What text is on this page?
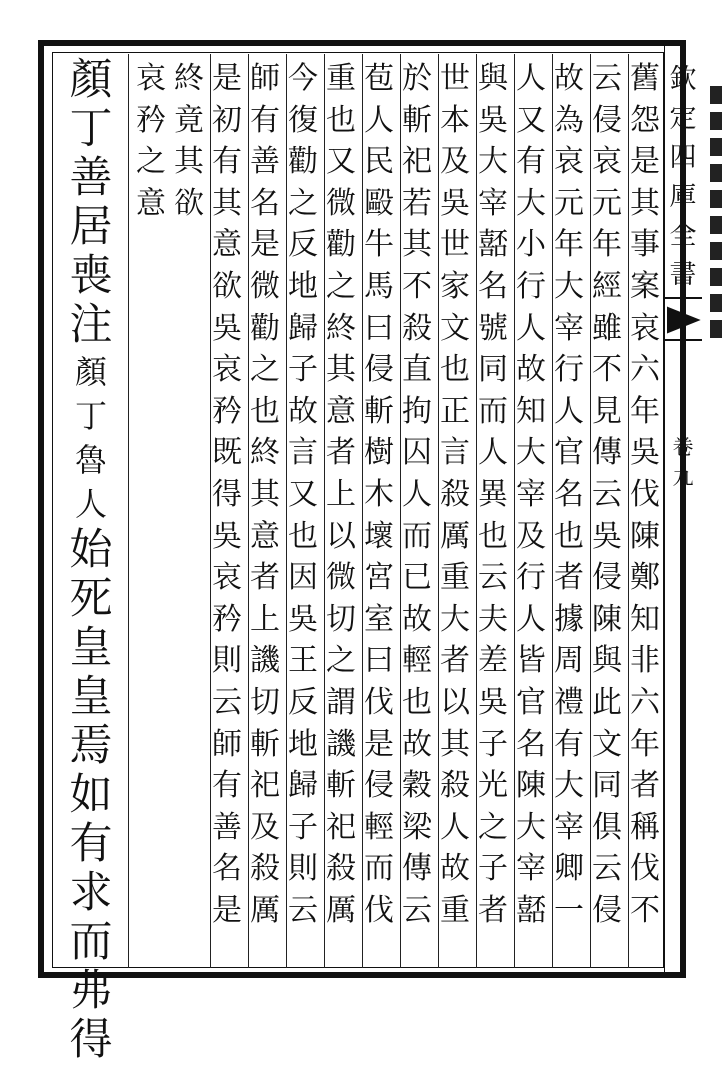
欽定四庫全書
卷九
舊怨是其事案哀六年吳伐陳鄭知非六年者稱伐不
云侵哀元年經雖不見傳云吳侵陳與此文同俱云侵
故為哀元年大宰行人官名也者據周禮有大宰卿一
人又有大小行人故知大宰及行人皆官名陳大宰嚭
與吳大宰嚭名號同而人異也云夫差吳子光之子者
世本及吳世家文也正言殺厲重大者以其殺人故重
於斬祀若其不殺直拘囚人而已故輕也故穀梁傳云
苞人民毆牛馬曰侵斬樹木壞宮室曰伐是侵輕而伐
重也又微勸之終其意者上以微切之謂譏斬祀殺厲
今復勸之反地歸子故言又也因吳王反地歸子則云
師有善名是微勸之也終其意者上譏切斬祀及殺厲
是初有其意欲吳哀矜既得吳哀矜則云師有善名是
終竟其欲
哀矜之意
顏丁善居喪
注
顏丁魯人
始死皇皇焉如有求而弗得
